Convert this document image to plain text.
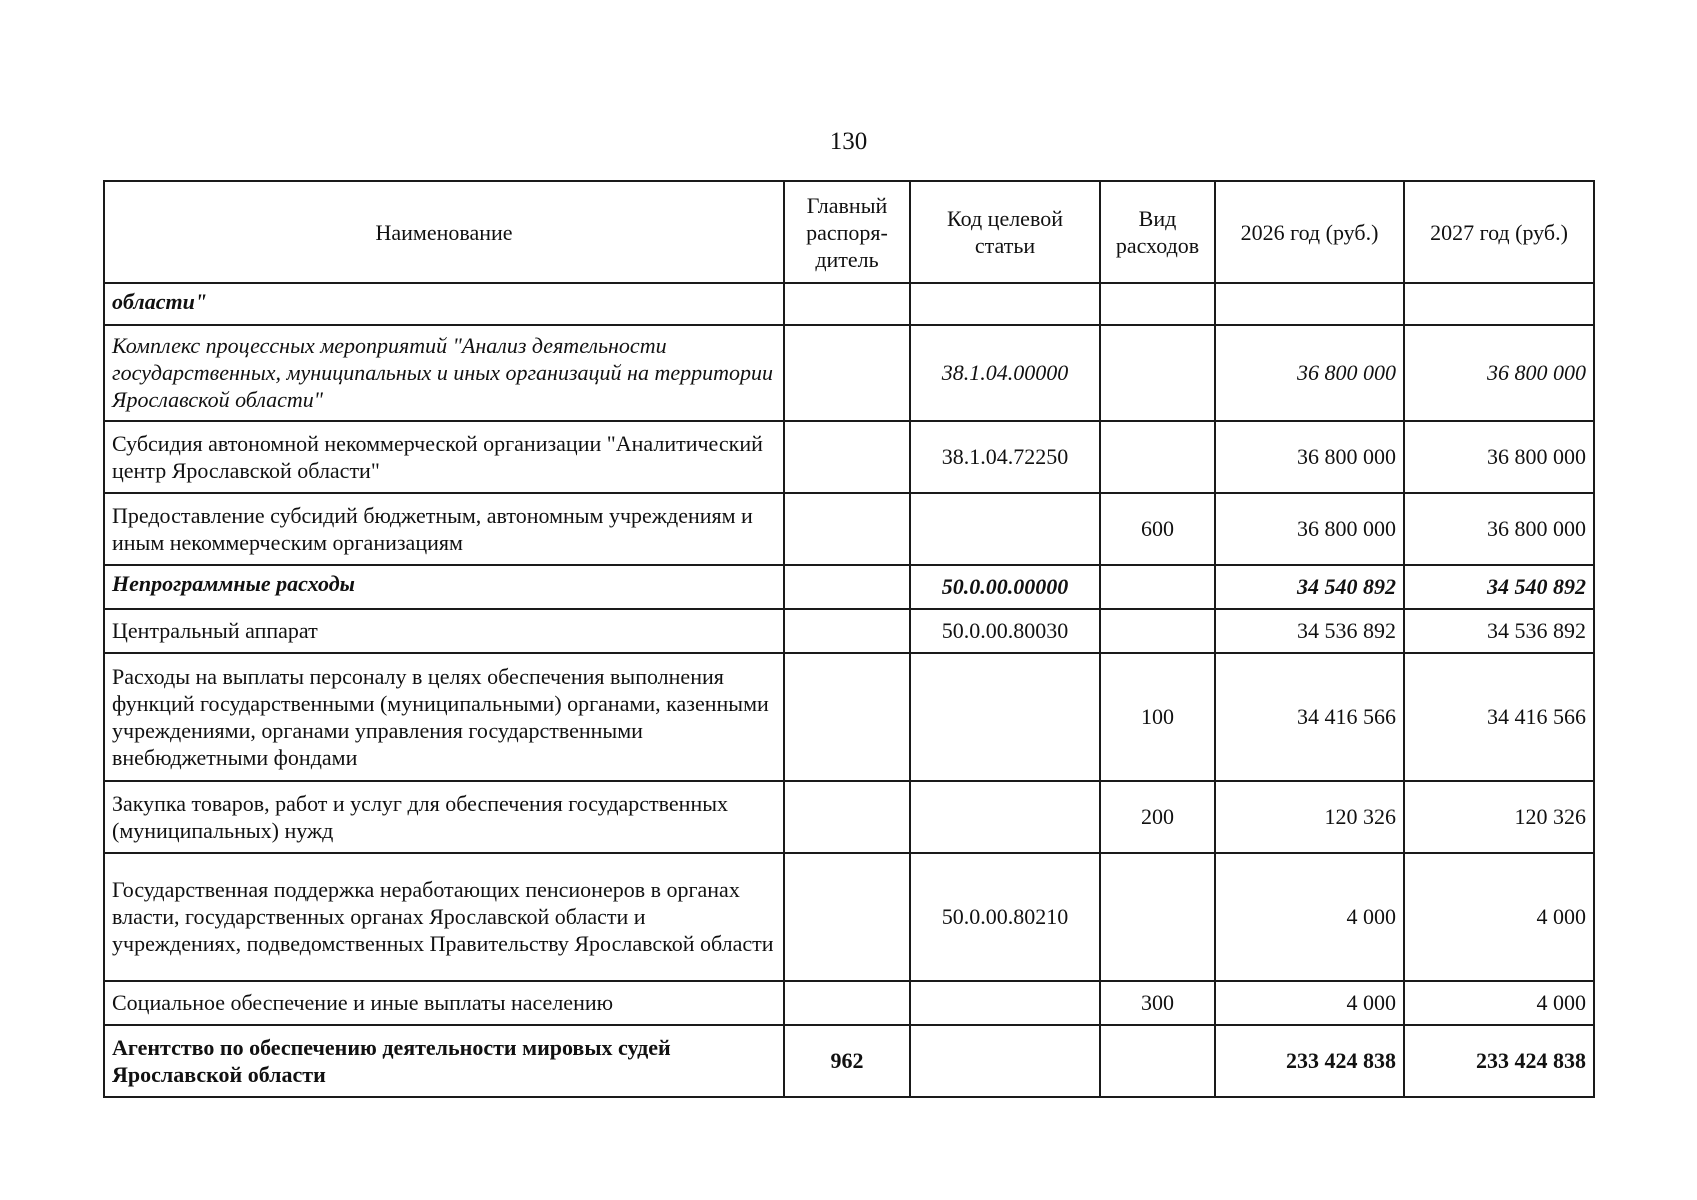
130
Наименование	Главный распоря-дитель	Код целевой статьи	Вид расходов	2026 год (руб.)	2027 год (руб.)
области"					
Комплекс процессных мероприятий "Анализ деятельности государственных, муниципальных и иных организаций на территории Ярославской области"		38.1.04.00000		36 800 000	36 800 000
Субсидия автономной некоммерческой организации "Аналитический центр Ярославской области"		38.1.04.72250		36 800 000	36 800 000
Предоставление субсидий бюджетным, автономным учреждениям и иным некоммерческим организациям			600	36 800 000	36 800 000
Непрограммные расходы		50.0.00.00000		34 540 892	34 540 892
Центральный аппарат		50.0.00.80030		34 536 892	34 536 892
Расходы на выплаты персоналу в целях обеспечения выполнения функций государственными (муниципальными) органами, казенными учреждениями, органами управления государственными внебюджетными фондами			100	34 416 566	34 416 566
Закупка товаров, работ и услуг для обеспечения государственных (муниципальных) нужд			200	120 326	120 326
Государственная поддержка неработающих пенсионеров в органах власти, государственных органах Ярославской области и учреждениях, подведомственных Правительству Ярославской области		50.0.00.80210		4 000	4 000
Социальное обеспечение и иные выплаты населению			300	4 000	4 000
Агентство по обеспечению деятельности мировых судей Ярославской области	962			233 424 838	233 424 838
